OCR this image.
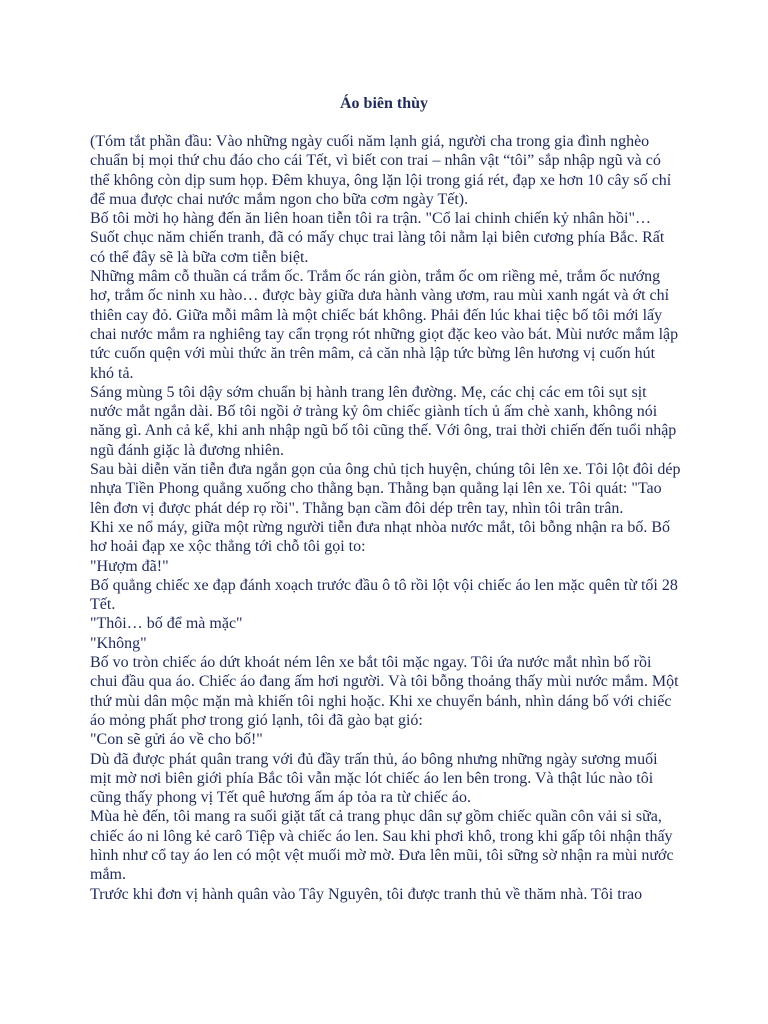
Áo biên thùy

(Tóm tắt phần đầu: Vào những ngày cuối năm lạnh giá, người cha trong gia đình nghèo chuẩn bị mọi thứ chu đáo cho cái Tết, vì biết con trai – nhân vật “tôi” sắp nhập ngũ và có thể không còn dịp sum họp. Đêm khuya, ông lặn lội trong giá rét, đạp xe hơn 10 cây số chỉ để mua được chai nước mắm ngon cho bữa cơm ngày Tết).

Bố tôi mời họ hàng đến ăn liên hoan tiễn tôi ra trận. "Cổ lai chinh chiến kỷ nhân hồi"… Suốt chục năm chiến tranh, đã có mấy chục trai làng tôi nằm lại biên cương phía Bắc. Rất có thể đây sẽ là bữa cơm tiễn biệt.

Những mâm cỗ thuần cá trắm ốc. Trắm ốc rán giòn, trắm ốc om riềng mẻ, trắm ốc nướng hơ, trắm ốc ninh xu hào… được bày giữa dưa hành vàng ươm, rau mùi xanh ngát và ớt chỉ thiên cay đỏ. Giữa mỗi mâm là một chiếc bát không. Phải đến lúc khai tiệc bố tôi mới lấy chai nước mắm ra nghiêng tay cẩn trọng rót những giọt đặc keo vào bát. Mùi nước mắm lập tức cuốn quện với mùi thức ăn trên mâm, cả căn nhà lập tức bừng lên hương vị cuốn hút khó tả.

Sáng mùng 5 tôi dậy sớm chuẩn bị hành trang lên đường. Mẹ, các chị các em tôi sụt sịt nước mắt ngắn dài. Bố tôi ngồi ở tràng kỷ ôm chiếc giành tích ủ ấm chè xanh, không nói năng gì. Anh cả kể, khi anh nhập ngũ bố tôi cũng thế. Với ông, trai thời chiến đến tuổi nhập ngũ đánh giặc là đương nhiên.

Sau bài diễn văn tiễn đưa ngắn gọn của ông chủ tịch huyện, chúng tôi lên xe. Tôi lột đôi dép nhựa Tiền Phong quẳng xuống cho thằng bạn. Thằng bạn quẳng lại lên xe. Tôi quát: "Tao lên đơn vị được phát dép rọ rồi". Thằng bạn cầm đôi dép trên tay, nhìn tôi trân trân.

Khi xe nổ máy, giữa một rừng người tiễn đưa nhạt nhòa nước mắt, tôi bỗng nhận ra bố. Bố hơ hoải đạp xe xộc thẳng tới chỗ tôi gọi to:

"Hượm đã!"

Bố quẳng chiếc xe đạp đánh xoạch trước đầu ô tô rồi lột vội chiếc áo len mặc quên từ tối 28 Tết.

"Thôi… bố để mà mặc"

"Không"

Bố vo tròn chiếc áo dứt khoát ném lên xe bắt tôi mặc ngay. Tôi ứa nước mắt nhìn bố rồi chui đầu qua áo. Chiếc áo đang ấm hơi người. Và tôi bỗng thoảng thấy mùi nước mắm. Một thứ mùi dân mộc mặn mà khiến tôi nghi hoặc. Khi xe chuyển bánh, nhìn dáng bố với chiếc áo mỏng phất phơ trong gió lạnh, tôi đã gào bạt gió:

"Con sẽ gửi áo về cho bố!"

Dù đã được phát quân trang với đủ đầy trấn thủ, áo bông nhưng những ngày sương muối mịt mờ nơi biên giới phía Bắc tôi vẫn mặc lót chiếc áo len bên trong. Và thật lúc nào tôi cũng thấy phong vị Tết quê hương ấm áp tỏa ra từ chiếc áo.

Mùa hè đến, tôi mang ra suối giặt tất cả trang phục dân sự gồm chiếc quần côn vải si sữa, chiếc áo ni lông kẻ carô Tiệp và chiếc áo len. Sau khi phơi khô, trong khi gấp tôi nhận thấy hình như cổ tay áo len có một vệt muối mờ mờ. Đưa lên mũi, tôi sững sờ nhận ra mùi nước mắm.

Trước khi đơn vị hành quân vào Tây Nguyên, tôi được tranh thủ về thăm nhà. Tôi trao
